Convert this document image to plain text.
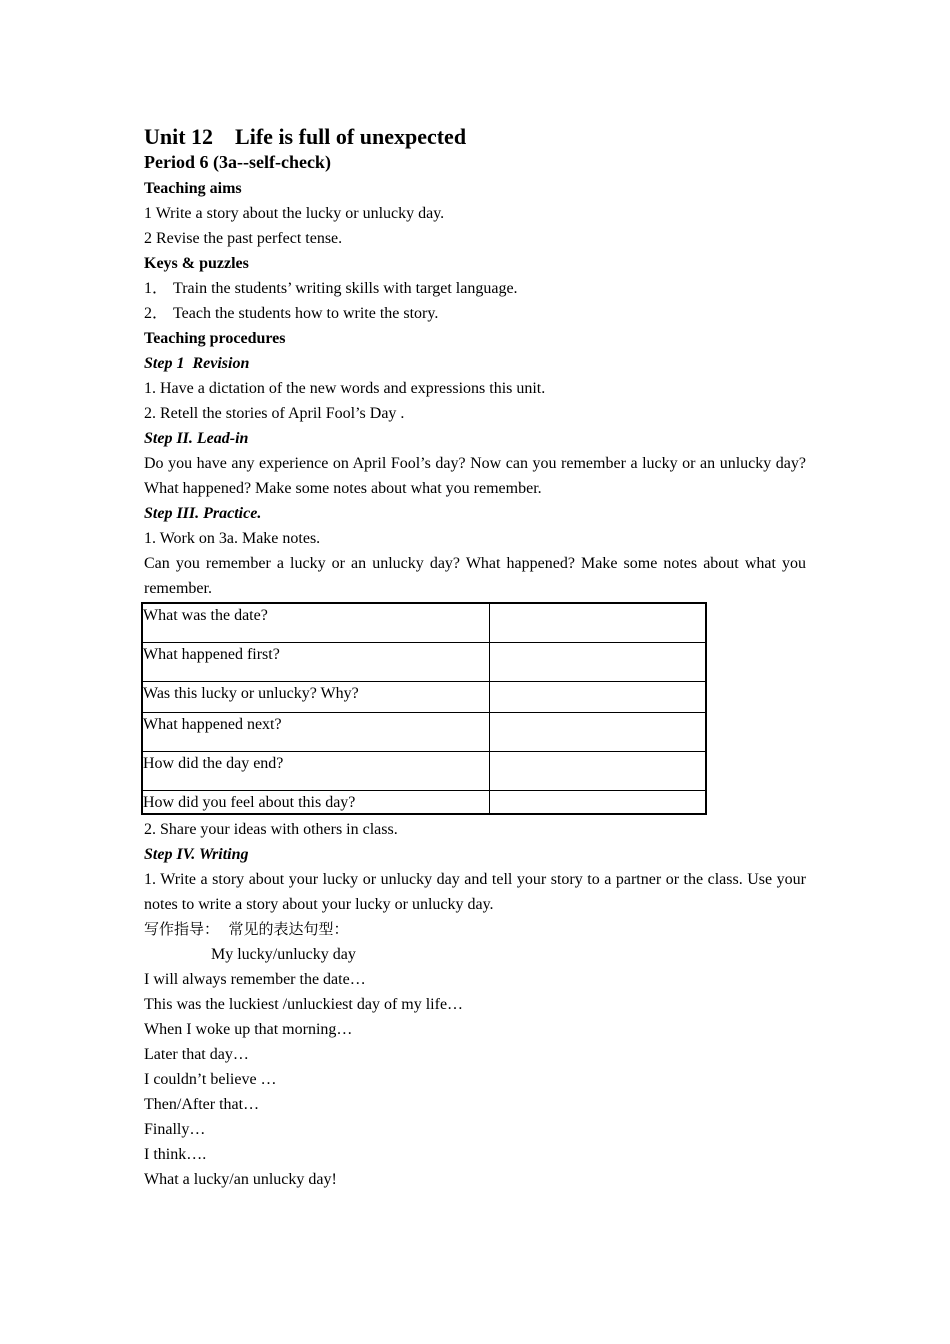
Unit 12    Life is full of unexpected
Period 6 (3a--self-check)
Teaching aims
1 Write a story about the lucky or unlucky day.
2 Revise the past perfect tense.
Keys & puzzles
1． Train the students’ writing skills with target language.
2． Teach the students how to write the story.
Teaching procedures
Step 1  Revision
1. Have a dictation of the new words and expressions this unit.
2. Retell the stories of April Fool’s Day .
Step II. Lead-in
Do you have any experience on April Fool’s day? Now can you remember a lucky or an unlucky day? What happened? Make some notes about what you remember.
Step III. Practice.
1. Work on 3a. Make notes.
Can you remember a lucky or an unlucky day? What happened? Make some notes about what you remember.
What was the date?	
What happened first?	
Was this lucky or unlucky? Why?	
What happened next?	
How did the day end?	
How did you feel about this day?	
2. Share your ideas with others in class.
Step IV. Writing
1. Write a story about your lucky or unlucky day and tell your story to a partner or the class. Use your notes to write a story about your lucky or unlucky day.
写作指导：  常见的表达句型：
My lucky/unlucky day
I will always remember the date…
This was the luckiest /unluckiest day of my life…
When I woke up that morning…
Later that day…
I couldn’t believe …
Then/After that…
Finally…
I think….
What a lucky/an unlucky day!
